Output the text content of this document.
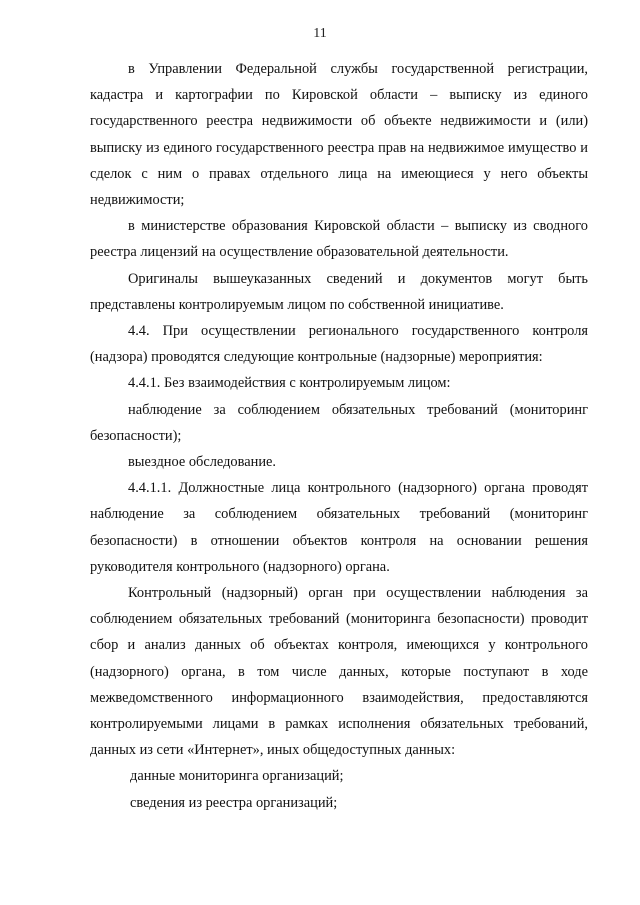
11

в Управлении Федеральной службы государственной регистрации, кадастра и картографии по Кировской области – выписку из единого государственного реестра недвижимости об объекте недвижимости и (или) выписку из единого государственного реестра прав на недвижимое имущество и сделок с ним о правах отдельного лица на имеющиеся у него объекты недвижимости;

в министерстве образования Кировской области – выписку из сводного реестра лицензий на осуществление образовательной деятельности.

Оригиналы вышеуказанных сведений и документов могут быть представлены контролируемым лицом по собственной инициативе.

4.4. При осуществлении регионального государственного контроля (надзора) проводятся следующие контрольные (надзорные) мероприятия:

4.4.1. Без взаимодействия с контролируемым лицом:

наблюдение за соблюдением обязательных требований (мониторинг безопасности);

выездное обследование.

4.4.1.1. Должностные лица контрольного (надзорного) органа проводят наблюдение за соблюдением обязательных требований (мониторинг безопасности) в отношении объектов контроля на основании решения руководителя контрольного (надзорного) органа.

Контрольный (надзорный) орган при осуществлении наблюдения за соблюдением обязательных требований (мониторинга безопасности) проводит сбор и анализ данных об объектах контроля, имеющихся у контрольного (надзорного) органа, в том числе данных, которые поступают в ходе межведомственного информационного взаимодействия, предоставляются контролируемыми лицами в рамках исполнения обязательных требований, данных из сети «Интернет», иных общедоступных данных:

данные мониторинга организаций;

сведения из реестра организаций;
